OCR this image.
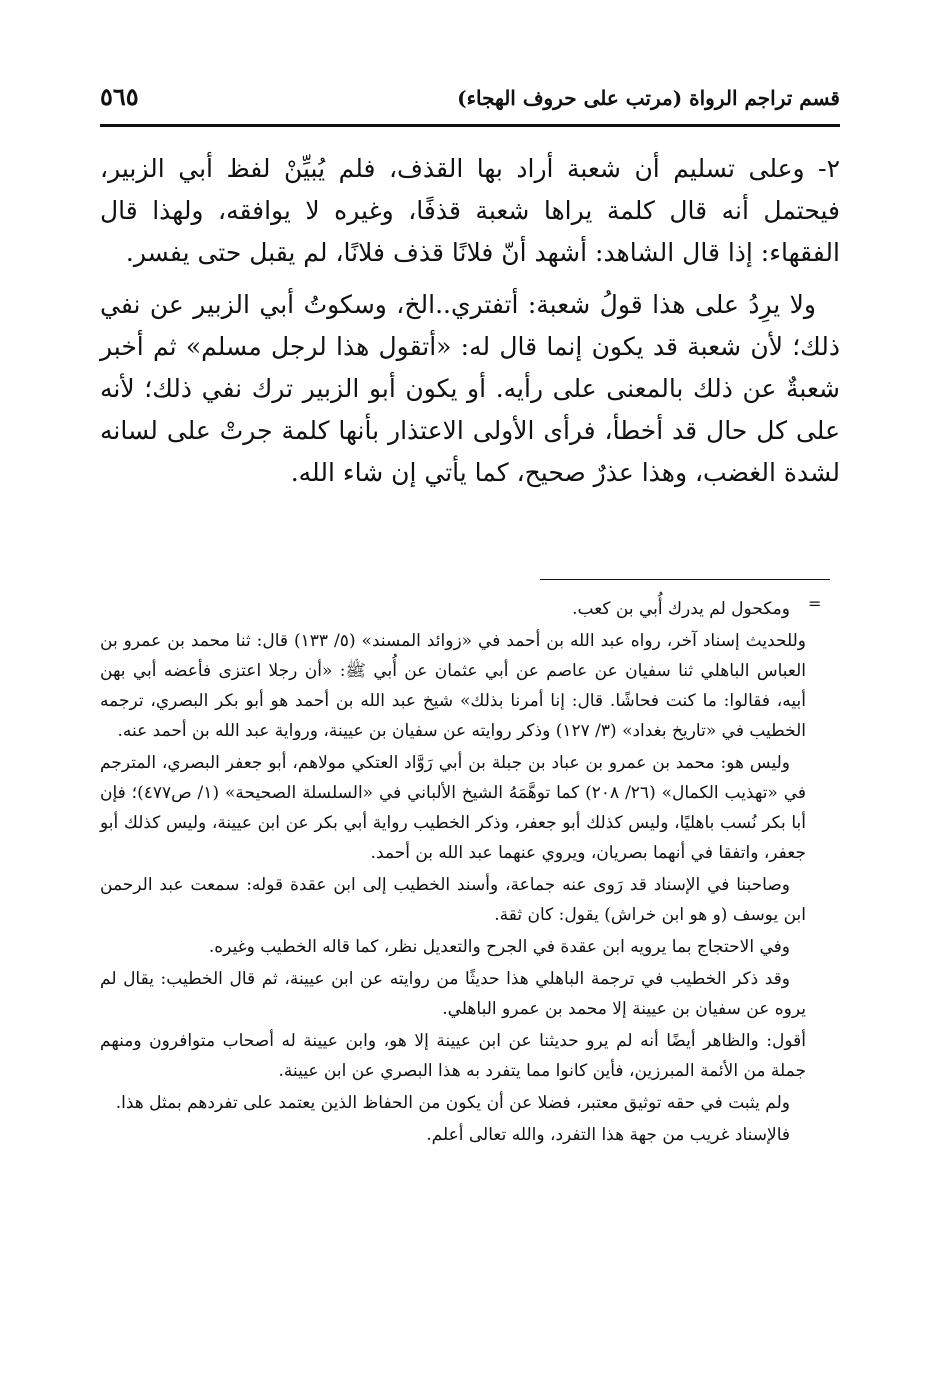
قسم تراجم الرواة (مرتب على حروف الهجاء)
٥٦٥

٢- وعلى تسليم أن شعبة أراد بها القذف، فلم يُبيِّنْ لفظ أبي الزبير، فيحتمل أنه قال كلمة يراها شعبة قذفًا، وغيره لا يوافقه، ولهذا قال الفقهاء: إذا قال الشاهد: أشهد أنّ فلانًا قذف فلانًا، لم يقبل حتى يفسر.

ولا يرِدُ على هذا قولُ شعبة: أتفتري..الخ، وسكوتُ أبي الزبير عن نفي ذلك؛ لأن شعبة قد يكون إنما قال له: «أتقول هذا لرجل مسلم» ثم أخبر شعبةٌ عن ذلك بالمعنى على رأيه. أو يكون أبو الزبير ترك نفي ذلك؛ لأنه على كل حال قد أخطأ، فرأى الأولى الاعتذار بأنها كلمة جرتْ على لسانه لشدة الغضب، وهذا عذرٌ صحيح، كما يأتي إن شاء الله.

=

ومكحول لم يدرك أُبي بن كعب.

وللحديث إسناد آخر، رواه عبد الله بن أحمد في «زوائد المسند» (٥/ ١٣٣) قال: ثنا محمد بن عمرو بن العباس الباهلي ثنا سفيان عن عاصم عن أبي عثمان عن أُبي ﷺ: «أن رجلا اعتزى فأعضه أبي بهن أبيه، فقالوا: ما كنت فحاشًا. قال: إنا أمرنا بذلك» شيخ عبد الله بن أحمد هو أبو بكر البصري، ترجمه الخطيب في «تاريخ بغداد» (٣/ ١٢٧) وذكر روايته عن سفيان بن عيينة، ورواية عبد الله بن أحمد عنه.

وليس هو: محمد بن عمرو بن عباد بن جبلة بن أبي رَوَّاد العتكي مولاهم، أبو جعفر البصري، المترجم في «تهذيب الكمال» (٢٦/ ٢٠٨) كما توهَّمَهُ الشيخ الألباني في «السلسلة الصحيحة» (١/ ص٤٧٧)؛ فإن أبا بكر نُسب باهليًا، وليس كذلك أبو جعفر، وذكر الخطيب رواية أبي بكر عن ابن عيينة، وليس كذلك أبو جعفر، واتفقا في أنهما بصريان، ويروي عنهما عبد الله بن أحمد.

وصاحبنا في الإسناد قد رَوى عنه جماعة، وأسند الخطيب إلى ابن عقدة قوله: سمعت عبد الرحمن ابن يوسف (و هو ابن خراش) يقول: كان ثقة.

وفي الاحتجاج بما يرويه ابن عقدة في الجرح والتعديل نظر، كما قاله الخطيب وغيره.

وقد ذكر الخطيب في ترجمة الباهلي هذا حديثًا من روايته عن ابن عيينة، ثم قال الخطيب: يقال لم يروه عن سفيان بن عيينة إلا محمد بن عمرو الباهلي.

أقول: والظاهر أيضًا أنه لم يرو حديثنا عن ابن عيينة إلا هو، وابن عيينة له أصحاب متوافرون ومنهم جملة من الأئمة المبرزين، فأين كانوا مما يتفرد به هذا البصري عن ابن عيينة.

ولم يثبت في حقه توثيق معتبر، فضلا عن أن يكون من الحفاظ الذين يعتمد على تفردهم بمثل هذا.

فالإسناد غريب من جهة هذا التفرد، والله تعالى أعلم.
